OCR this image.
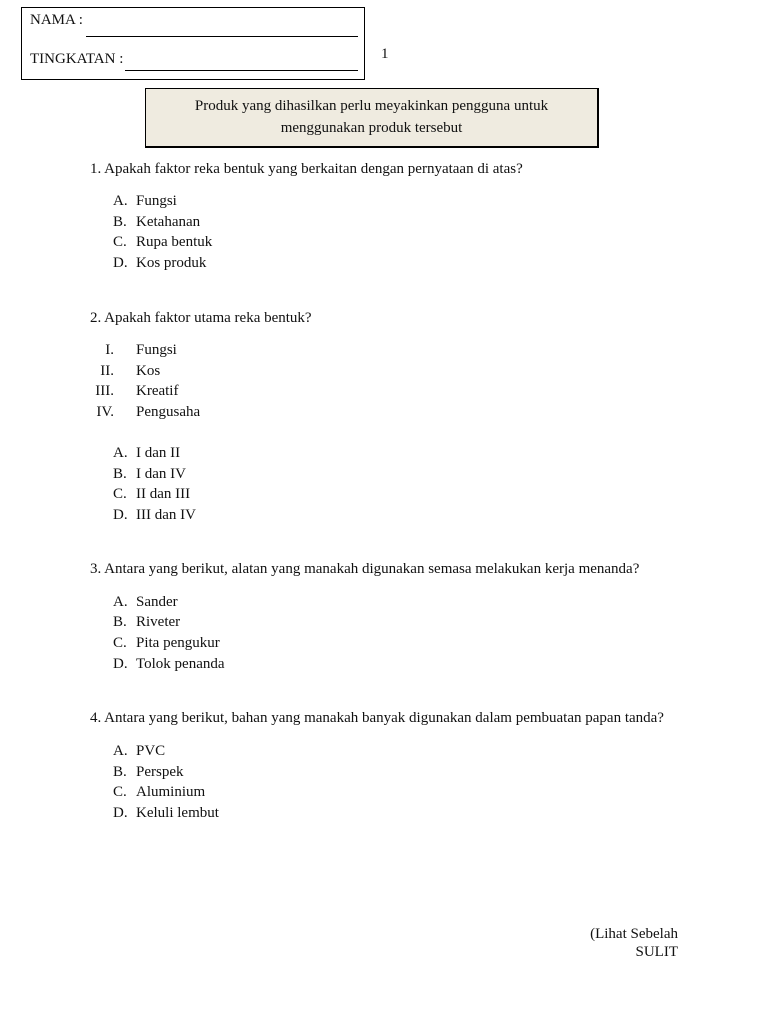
NAMA :
TINGKATAN :	1
Produk yang dihasilkan perlu meyakinkan pengguna untuk
menggunakan produk tersebut
1. Apakah faktor reka bentuk yang berkaitan dengan pernyataan di atas?
A. Fungsi
B. Ketahanan
C. Rupa bentuk
D. Kos produk
2. Apakah faktor utama reka bentuk?
I. Fungsi
II. Kos
III. Kreatif
IV. Pengusaha
A. I dan II
B. I dan IV
C. II dan III
D. III dan IV
3. Antara yang berikut, alatan yang manakah digunakan semasa melakukan kerja menanda?
A. Sander
B. Riveter
C. Pita pengukur
D. Tolok penanda
4. Antara yang berikut, bahan yang manakah banyak digunakan dalam pembuatan papan tanda?
A. PVC
B. Perspek
C. Aluminium
D. Keluli lembut
(Lihat Sebelah
SULIT
